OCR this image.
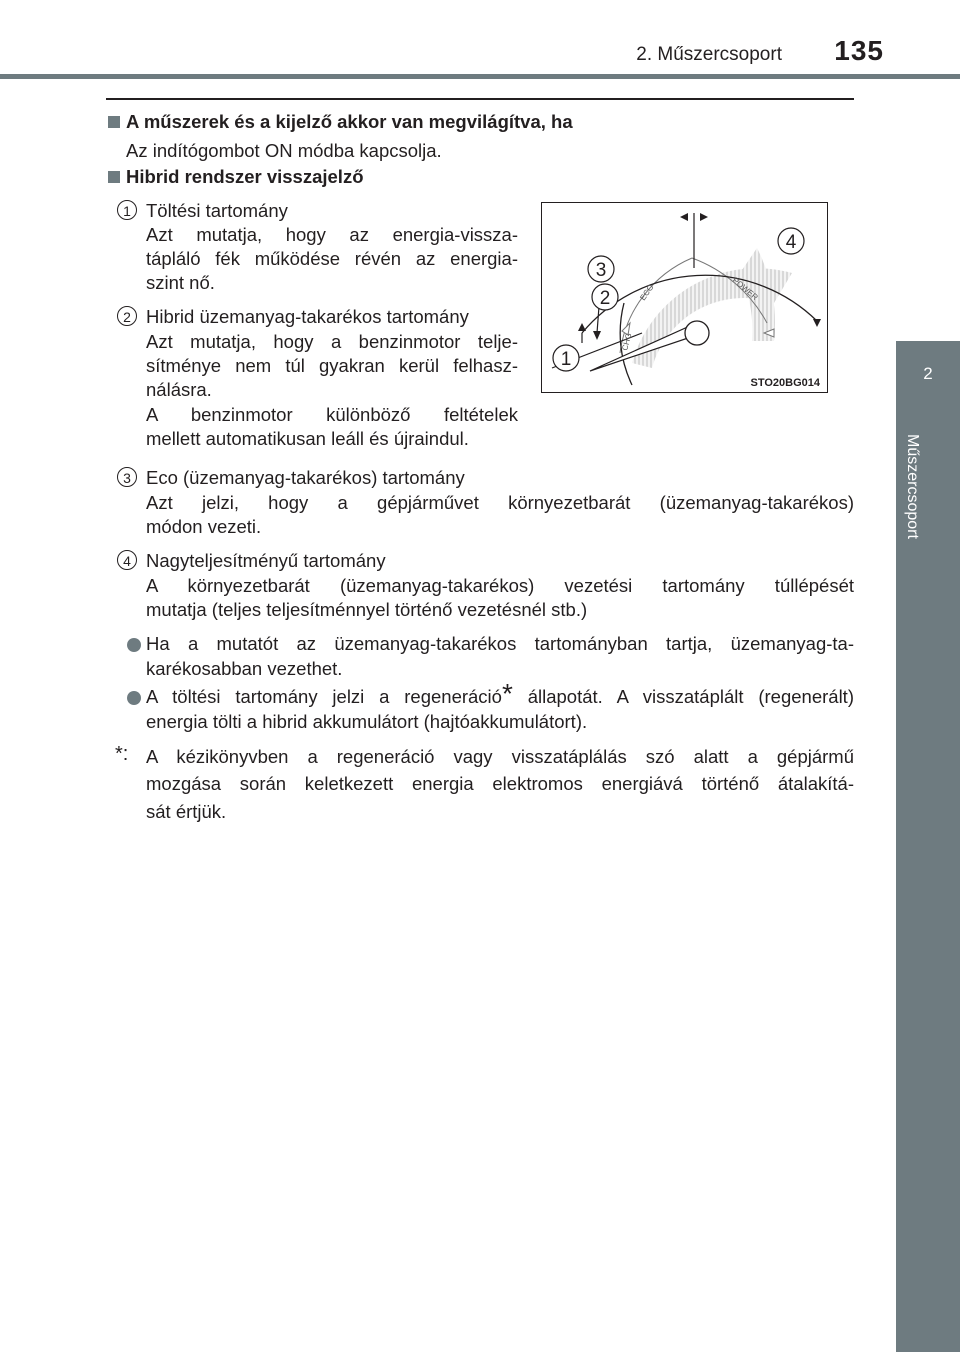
2. Műszercsoport 135
2
Műszercsoport
A műszerek és a kijelző akkor van megvilágítva, ha
Az indítógombot ON módba kapcsolja.
Hibrid rendszer visszajelző
1 Töltési tartomány
Azt mutatja, hogy az energia-vissza-
tápláló fék működése révén az energia-
szint nő.
2 Hibrid üzemanyag-takarékos tartomány
Azt mutatja, hogy a benzinmotor telje-
sítménye nem túl gyakran kerül felhasz-
nálásra.
A benzinmotor különböző feltételek
mellett automatikusan leáll és újraindul.
3 Eco (üzemanyag-takarékos) tartomány
Azt jelzi, hogy a gépjárművet környezetbarát (üzemanyag-takarékos)
módon vezeti.
4 Nagyteljesítményű tartomány
A környezetbarát (üzemanyag-takarékos) vezetési tartomány túllépését
mutatja (teljes teljesítménnyel történő vezetésnél stb.)
Ha a mutatót az üzemanyag-takarékos tartományban tartja, üzemanyag-ta-
karékosabban vezethet.
A töltési tartomány jelzi a regeneráció* állapotát. A visszatáplált (regenerált)
energia tölti a hibrid akkumulátort (hajtóakkumulátort).
*: A kézikönyvben a regeneráció vagy visszatáplálás szó alatt a gépjármű
mozgása során keletkezett energia elektromos energiává történő átalakítá-
sát értjük.
CHG
ECO	POWER
1
2
3
4
STO20BG014
